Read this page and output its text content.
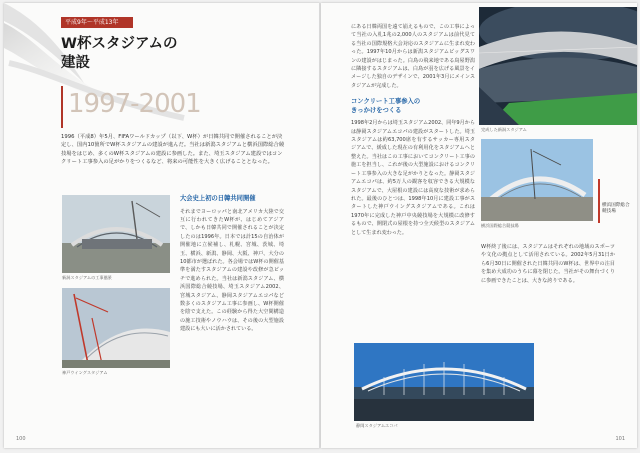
平成9年〜平成13年
W杯スタジアムの
建設
1997-2001
1996（平成8）年5月、FIFAワールドカップ（以下、W杯）が日韓共同で開催されることが決定し、国内10箇所でW杯スタジアムの建設が進んだ。当社は新潟スタジアムと横浜国際総合競技場をはじめ、多くのW杯スタジアムの建設に参画した。また、埼玉スタジアム建設ではコンクリート工事参入の足がかりをつくるなど、将来の可能性を大きく広げることとなった。
新潟スタジアムの工事風景
神戸ウイングスタジアム
大会史上初の日韓共同開催
それまでヨーロッパと南北アメリカ大陸で交互に行われてきたW杯が、はじめてアジアで、しかも日韓共同で開催されることが決定したのは1996年。日本では計15の自治体が開催地に立候補し、札幌、宮城、茨城、埼玉、横浜、新潟、静岡、大阪、神戸、大分の10都市が選ばれた。各会場ではW杯の開催基準を満たすスタジアムの建設や改修が急ピッチで進められた。当社は新潟スタジアム、横浜国際総合競技場、埼玉スタジアム2002、宮城スタジアム、静岡スタジアムエコパなど数多くのスタジアム工事に参画し、W杯開催を陰で支えた。この経験から得た大空間構造の施工技術やノウハウは、その後の大型施設建設にも大いに活かされている。
100
にある日韓両国を遠て崩えるもので、この工事によって当社の入札1兆の2,000人のスタジアムは前代見てる当社の国際規格大会対応のスタジアムに生まれ変わった。1997年10月からは新潟スタジアムビッグスワンの建設がはじまった。白鳥の飛来地である鳥屋野潟に隣接するスタジアムは、白鳥が羽を広げる風景をイメージした独自のデザインで、2001年3月にメインスタジアムが完成した。
コンクリート工事参入の
きっかけをつくる
1998年2月からは埼玉スタジアム2002、同年9月からは静岡スタジアムエコパの建設がスタートした。埼玉スタジアムは約63,700席を有するサッカー専用スタジアムで、緩成した現在の有利用化をスタジアムへと整えた。当社はこの工事においてコンクリート工事の施工を担当し、これが後の大型施設におけるコンクリート工事参入の大きな足がかりとなった。静岡スタジアムエコパは、約5万人の観客を収容できる大規模なスタジアムで、大屋根の建設には高度な技術が求められた。最後のひとつは、1998年10月に建設工事がスタートした神戸ウイングスタジアムである。これは1970年に完成した神戸中央競技場を大規模に改修するもので、開閉式の屋根を持つ全天候型のスタジアムとして生まれ変わった。
完成した新潟スタジアム
横浜国際総合競技場
横浜国際総合
競技場
W杯終了後には、スタジアムはそれぞれの地域のスポーツや文化の拠点として活用されている。2002年5月31日から6月30日に開催された日韓共同のW杯は、世界中の注目を集め大成功のうちに幕を閉じた。当社がその舞台づくりに参画できたことは、大きな誇りである。
静岡スタジアムエコパ
101
